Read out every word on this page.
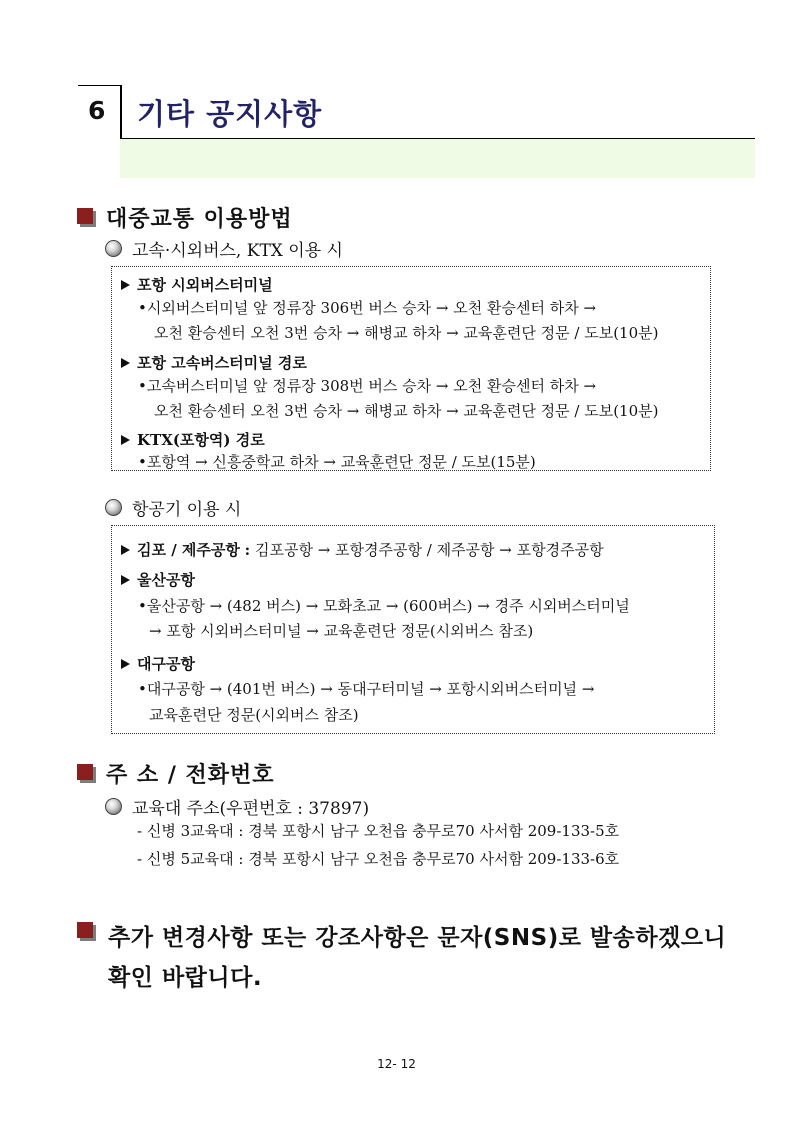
6 기타 공지사항
대중교통 이용방법
고속·시외버스, KTX 이용 시
포항 시외버스터미널
•시외버스터미널 앞 정류장 306번 버스 승차 → 오천 환승센터 하차 →
오천 환승센터 오천 3번 승차 → 해병교 하차 → 교육훈련단 정문 / 도보(10분)
포항 고속버스터미널 경로
•고속버스터미널 앞 정류장 308번 버스 승차 → 오천 환승센터 하차 →
오천 환승센터 오천 3번 승차 → 해병교 하차 → 교육훈련단 정문 / 도보(10분)
KTX(포항역) 경로
•포항역 → 신흥중학교 하차 → 교육훈련단 정문 / 도보(15분)
항공기 이용 시
김포 / 제주공항 : 김포공항 → 포항경주공항 / 제주공항 → 포항경주공항
울산공항
•울산공항 → (482 버스) → 모화초교 → (600버스) → 경주 시외버스터미널
→ 포항 시외버스터미널 → 교육훈련단 정문(시외버스 참조)
대구공항
•대구공항 → (401번 버스) → 동대구터미널 → 포항시외버스터미널 →
교육훈련단 정문(시외버스 참조)
주 소 / 전화번호
교육대 주소(우편번호 : 37897)
- 신병 3교육대 : 경북 포항시 남구 오천읍 충무로70 사서함 209-133-5호
- 신병 5교육대 : 경북 포항시 남구 오천읍 충무로70 사서함 209-133-6호
추가 변경사항 또는 강조사항은 문자(SNS)로 발송하겠으니
확인 바랍니다.
12- 12
